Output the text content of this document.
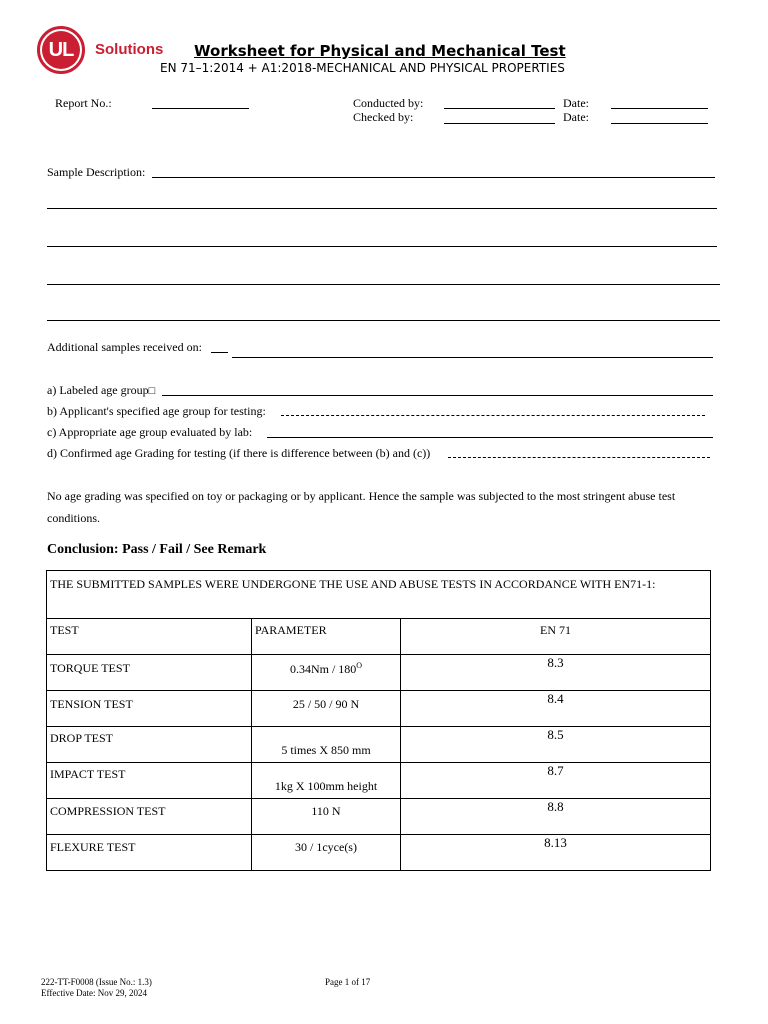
UL	Solutions Worksheet for Physical and Mechanical Test
EN 71–1:2014 + A1:2018-MECHANICAL AND PHYSICAL PROPERTIES
Report No.:	Conducted by:	Date:
Checked by:	Date:
Sample Description:
Additional samples received on:
a) Labeled age group□
b) Applicant's specified age group for testing:
c) Appropriate age group evaluated by lab:
d) Confirmed age Grading for testing (if there is difference between (b) and (c))
No age grading was specified on toy or packaging or by applicant. Hence the sample was subjected to the most stringent abuse test conditions.
Conclusion: Pass / Fail / See Remark
THE SUBMITTED SAMPLES WERE UNDERGONE THE USE AND ABUSE TESTS IN ACCORDANCE WITH EN71-1:		
TEST	PARAMETER	EN 71
TORQUE TEST	$0.34Nm / 180^O$	8.3
TENSION TEST	25 / 50 / 90 N	8.4
DROP TEST	5 times X 850 mm	8.5
IMPACT TEST	1kg X 100mm height	8.7
COMPRESSION TEST	110 N	8.8
FLEXURE TEST	30 / 1cyce(s)	8.13
222-TT-F0008 (Issue No.: 1.3)
Effective Date: Nov 29, 2024
Page 1 of 17
